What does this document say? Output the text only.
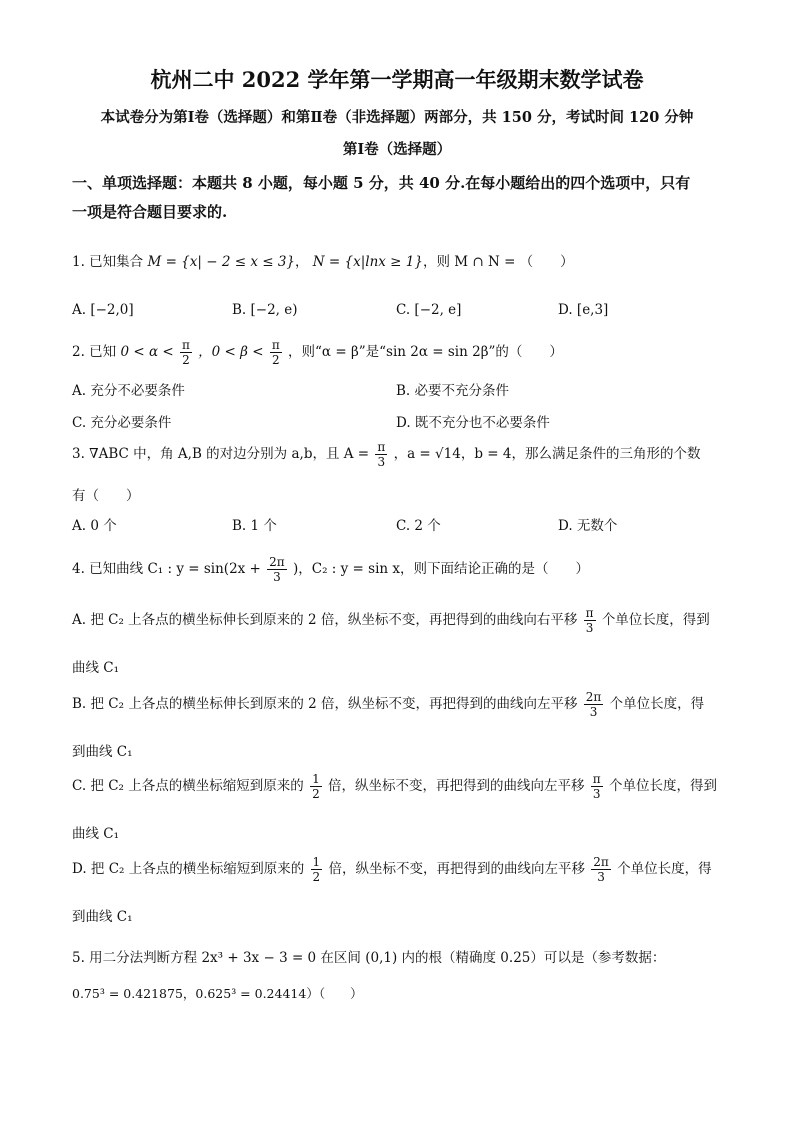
杭州二中 2022 学年第一学期高一年级期末数学试卷
本试卷分为第Ⅰ卷（选择题）和第Ⅱ卷（非选择题）两部分，共 150 分，考试时间 120 分钟
第Ⅰ卷（选择题）
一、单项选择题：本题共 8 小题，每小题 5 分，共 40 分.在每小题给出的四个选项中，只有
一项是符合题目要求的.
1. 已知集合 M = {x| − 2 ≤ x ≤ 3}， N = {x|lnx ≥ 1}，则 M ∩ N = （　　）
A. [−2,0]	B. [−2, e)	C. [−2, e]	D. [e,3]
2. 已知 $0 < \alpha < \frac{\pi}{2}$ ，$0 < \beta < \frac{\pi}{2}$ ，则“α = β”是“sin 2α = sin 2β”的（　　）
A. 充分不必要条件	B. 必要不充分条件
C. 充分必要条件	D. 既不充分也不必要条件
3. ∇ABC 中，角 A,B 的对边分别为 a,b，且 $A = \frac{\pi}{3}$ ，a = √14，b = 4，那么满足条件的三角形的个数
有（　　）
A. 0 个	B. 1 个	C. 2 个	D. 无数个
4. 已知曲线 C₁ : $y = \sin(2x + \frac{2\pi}{3}$ )，C₂ : y = sin x，则下面结论正确的是（　　）
A. 把 C₂ 上各点的横坐标伸长到原来的 2 倍，纵坐标不变，再把得到的曲线向右平移 $\frac{\pi}{3}$ 个单位长度，得到
曲线 C₁
B. 把 C₂ 上各点的横坐标伸长到原来的 2 倍，纵坐标不变，再把得到的曲线向左平移 $\frac{2\pi}{3}$ 个单位长度，得
到曲线 C₁
C. 把 C₂ 上各点的横坐标缩短到原来的 $\frac{1}{2}$ 倍，纵坐标不变，再把得到的曲线向左平移 $\frac{\pi}{3}$ 个单位长度，得到
曲线 C₁
D. 把 C₂ 上各点的横坐标缩短到原来的 $\frac{1}{2}$ 倍，纵坐标不变，再把得到的曲线向左平移 $\frac{2\pi}{3}$ 个单位长度，得
到曲线 C₁
5. 用二分法判断方程 2x³ + 3x − 3 = 0 在区间 (0,1) 内的根（精确度 0.25）可以是（参考数据：
0.75³ = 0.421875，0.625³ = 0.24414）（　　）
